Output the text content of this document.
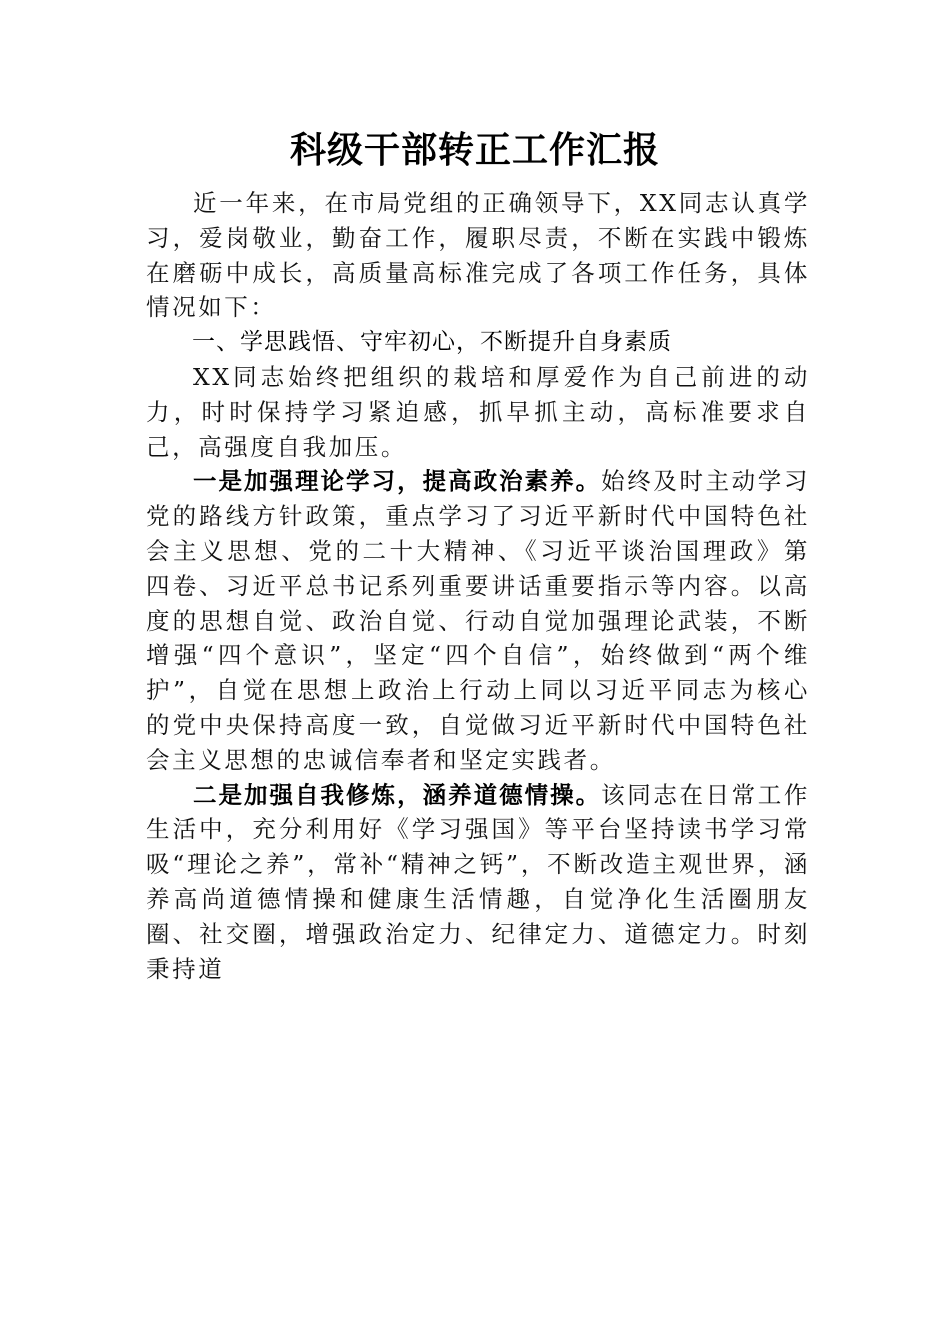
科级干部转正工作汇报

近一年来，在市局党组的正确领导下，XX同志认真学习，爱岗敬业，勤奋工作，履职尽责，不断在实践中锻炼在磨砺中成长，高质量高标准完成了各项工作任务，具体情况如下：

一、学思践悟、守牢初心，不断提升自身素质

XX同志始终把组织的栽培和厚爱作为自己前进的动力，时时保持学习紧迫感，抓早抓主动，高标准要求自己，高强度自我加压。

一是加强理论学习，提高政治素养。始终及时主动学习党的路线方针政策，重点学习了习近平新时代中国特色社会主义思想、党的二十大精神、《习近平谈治国理政》第四卷、习近平总书记系列重要讲话重要指示等内容。以高度的思想自觉、政治自觉、行动自觉加强理论武装，不断增强“四个意识”，坚定“四个自信”，始终做到“两个维护”，自觉在思想上政治上行动上同以习近平同志为核心的党中央保持高度一致，自觉做习近平新时代中国特色社会主义思想的忠诚信奉者和坚定实践者。

二是加强自我修炼，涵养道德情操。该同志在日常工作生活中，充分利用好《学习强国》等平台坚持读书学习常吸“理论之养”，常补“精神之钙”，不断改造主观世界，涵养高尚道德情操和健康生活情趣，自觉净化生活圈朋友圈、社交圈，增强政治定力、纪律定力、道德定力。时刻秉持道
